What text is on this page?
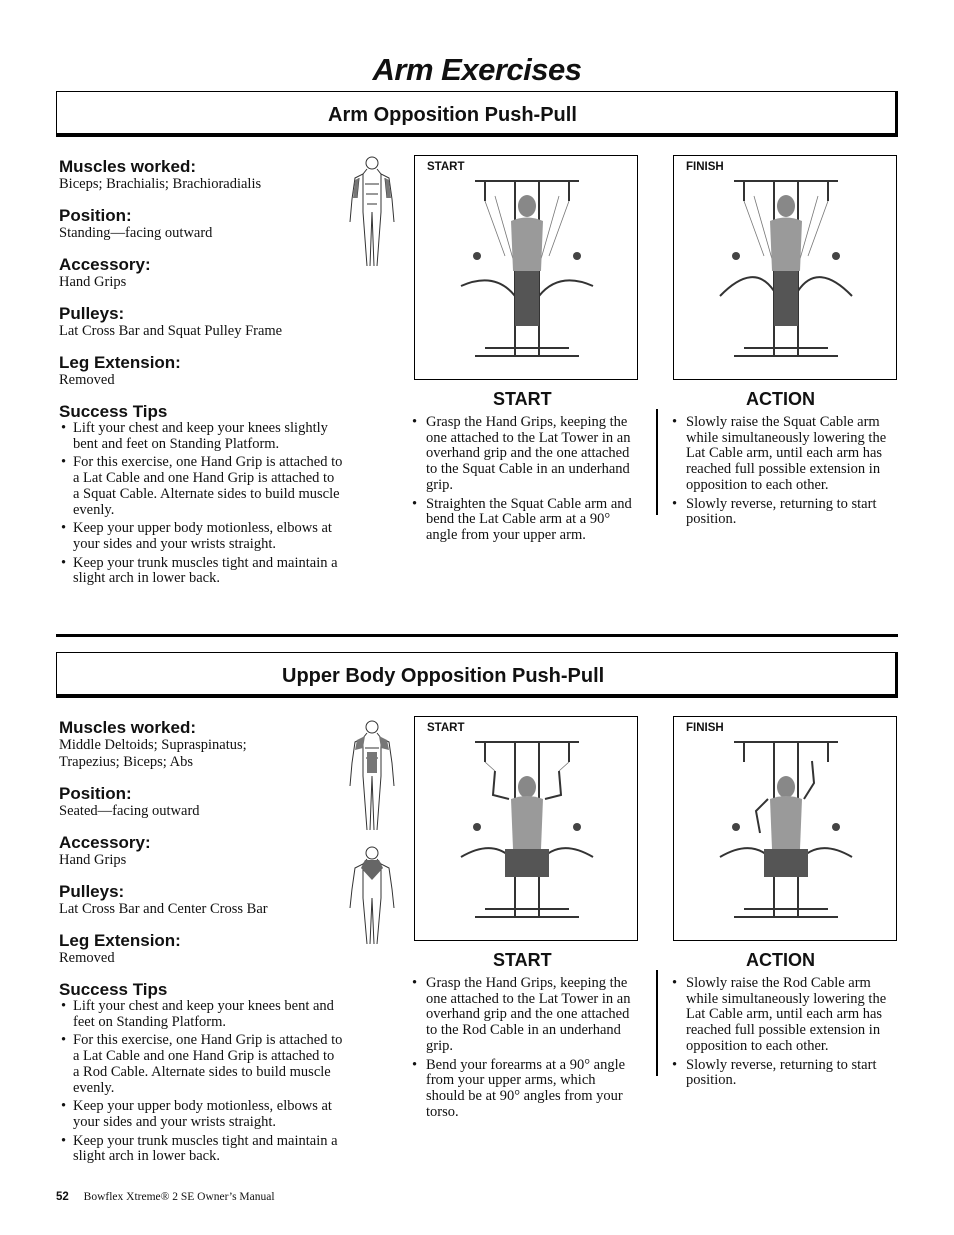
Arm Exercises
Arm Opposition Push-Pull
Muscles worked:

Biceps; Brachialis; Brachioradialis

Position:

Standing—facing outward

Accessory:

Hand Grips

Pulleys:

Lat Cross Bar and Squat Pulley Frame

Leg Extension:

Removed

Success Tips
• Lift your chest and keep your knees slightly bent and feet on Standing Platform.
• For this exercise, one Hand Grip is attached to a Lat Cable and one Hand Grip is attached to a Squat Cable. Alternate sides to build muscle evenly.
• Keep your upper body motionless, elbows at your sides and your wrists straight.
• Keep your trunk muscles tight and maintain a slight arch in lower back.
START	FINISH
START
• Grasp the Hand Grips, keeping the one attached to the Lat Tower in an overhand grip and the one attached to the Squat Cable in an underhand grip.
• Straighten the Squat Cable arm and bend the Lat Cable arm at a 90° angle from your upper arm.
ACTION
• Slowly raise the Squat Cable arm while simultaneously lowering the Lat Cable arm, until each arm has reached full possible extension in opposition to each other.
• Slowly reverse, returning to start position.
Upper Body Opposition Push-Pull
Muscles worked:

Middle Deltoids; Supraspinatus; Trapezius; Biceps; Abs

Position:

Seated—facing outward

Accessory:

Hand Grips

Pulleys:

Lat Cross Bar and Center Cross Bar

Leg Extension:

Removed

Success Tips
• Lift your chest and keep your knees bent and feet on Standing Platform.
• For this exercise, one Hand Grip is attached to a Lat Cable and one Hand Grip is attached to a Rod Cable. Alternate sides to build muscle evenly.
• Keep your upper body motionless, elbows at your sides and your wrists straight.
• Keep your trunk muscles tight and maintain a slight arch in lower back.
START	FINISH
START
• Grasp the Hand Grips, keeping the one attached to the Lat Tower in an overhand grip and the one attached to the Rod Cable in an underhand grip.
• Bend your forearms at a 90° angle from your upper arms, which should be at 90° angles from your torso.
ACTION
• Slowly raise the Rod Cable arm while simultaneously lowering the Lat Cable arm, until each arm has reached full possible extension in opposition to each other.
• Slowly reverse, returning to start position.
52 Bowflex Xtreme® 2 SE Owner’s Manual
